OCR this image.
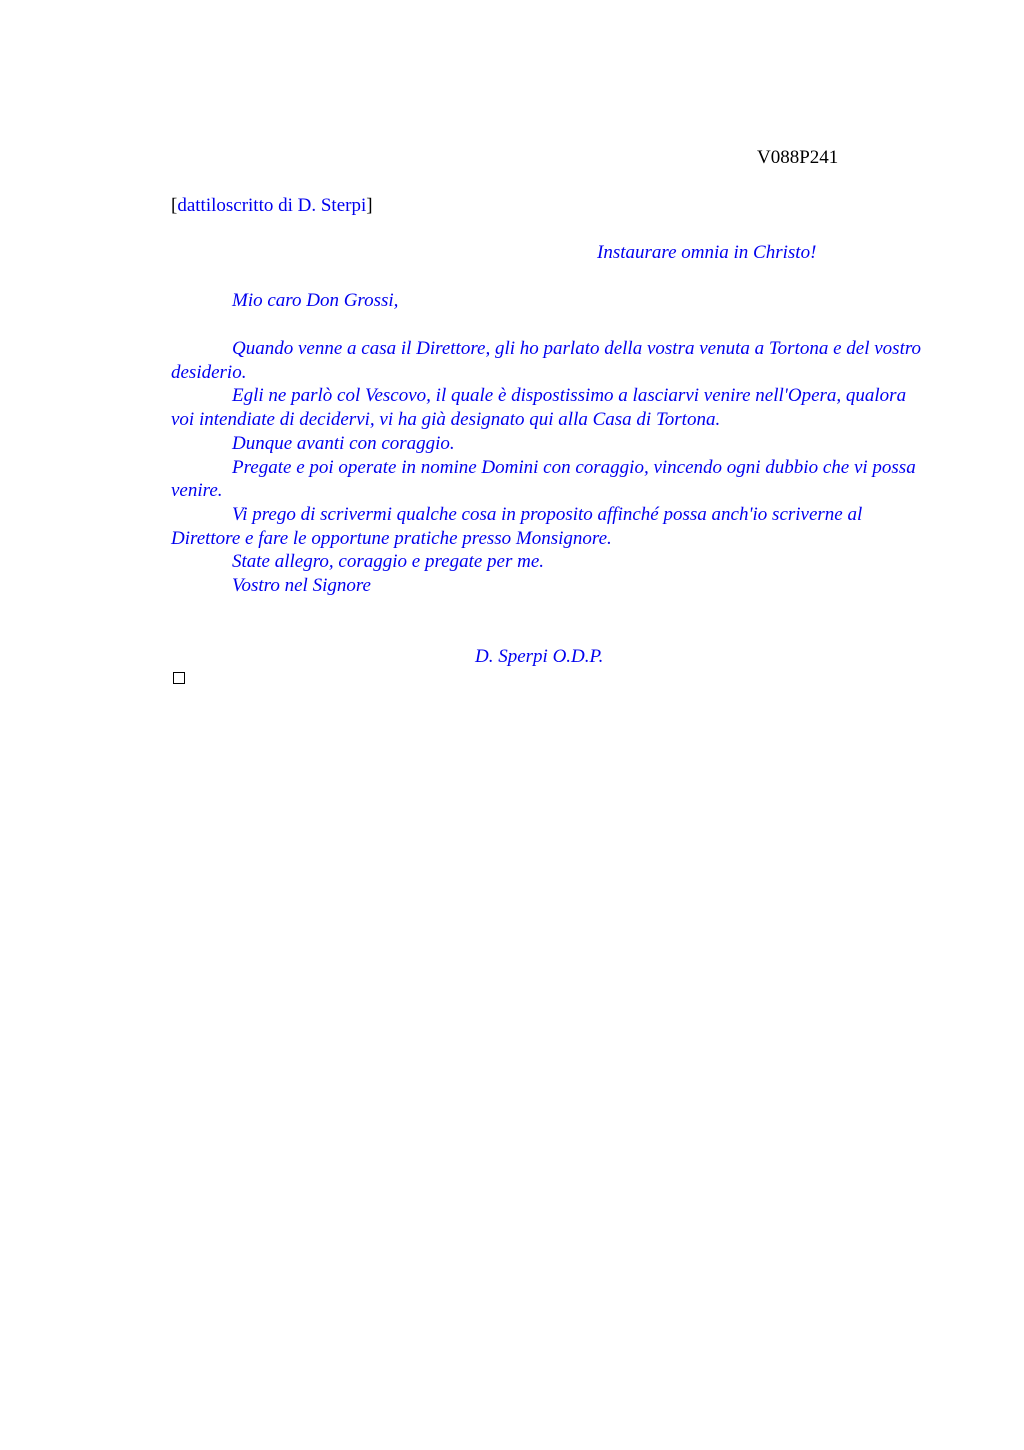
V088P241
[dattiloscritto di D. Sterpi]
Instaurare omnia in Christo!
Mio caro Don Grossi,

Quando venne a casa il Direttore, gli ho parlato della vostra venuta a Tortona e del vostro desiderio.

Egli ne parlò col Vescovo, il quale è dispostissimo a lasciarvi venire nell'Opera, qualora voi intendiate di decidervi, vi ha già designato qui alla Casa di Tortona.

Dunque avanti con coraggio.

Pregate e poi operate in nomine Domini con coraggio, vincendo ogni dubbio che vi possa venire.

Vi prego di scrivermi qualche cosa in proposito affinché possa anch'io scriverne al Direttore e fare le opportune pratiche presso Monsignore.

State allegro, coraggio e pregate per me.

Vostro nel Signore

D. Sperpi O.D.P.
